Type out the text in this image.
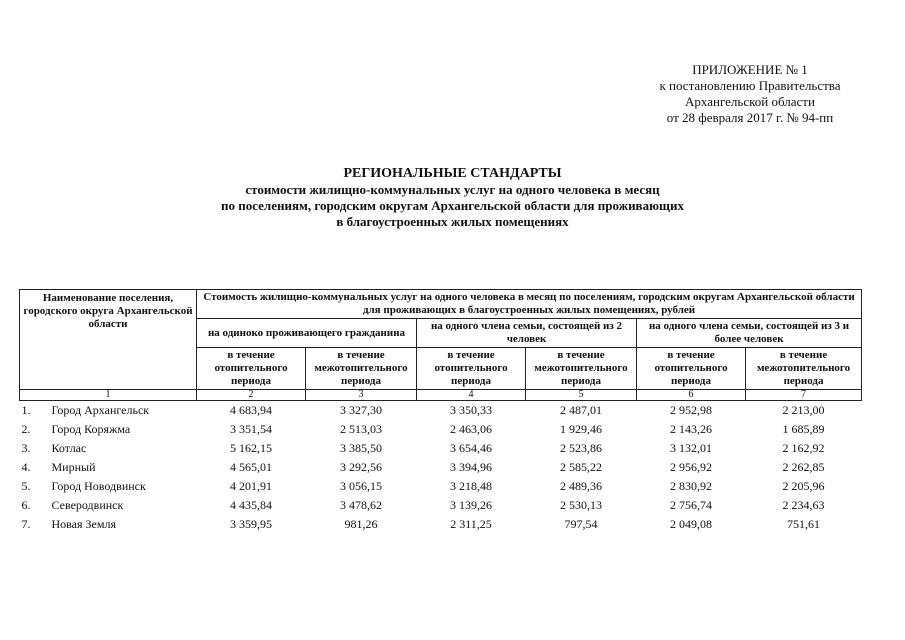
ПРИЛОЖЕНИЕ № 1
к постановлению Правительства
Архангельской области
от 28 февраля 2017 г. № 94-пп
РЕГИОНАЛЬНЫЕ СТАНДАРТЫ
стоимости жилищно-коммунальных услуг на одного человека в месяц
по поселениям, городским округам Архангельской области для проживающих
в благоустроенных жилых помещениях
Наименование поселения, городского округа Архангельской области		Стоимость жилищно-коммунальных услуг на одного человека в месяц по поселениям, городским округам Архангельской области для проживающих в благоустроенных жилых помещениях, рублей					
		на одиноко проживающего гражданина		на одного члена семьи, состоящей из 2 человек		на одного члена семьи, состоящей из 3 и более человек	
		в течение отопительного периода	в течение межотопительного периода	в течение отопительного периода	в течение межотопительного периода	в течение отопительного периода	в течение межотопительного периода
1		2	3	4	5	6	7
1.	Город Архангельск	4 683,94	3 327,30	3 350,33	2 487,01	2 952,98	2 213,00
2.	Город Коряжма	3 351,54	2 513,03	2 463,06	1 929,46	2 143,26	1 685,89
3.	Котлас	5 162,15	3 385,50	3 654,46	2 523,86	3 132,01	2 162,92
4.	Мирный	4 565,01	3 292,56	3 394,96	2 585,22	2 956,92	2 262,85
5.	Город Новодвинск	4 201,91	3 056,15	3 218,48	2 489,36	2 830,92	2 205,96
6.	Северодвинск	4 435,84	3 478,62	3 139,26	2 530,13	2 756,74	2 234,63
7.	Новая Земля	3 359,95	981,26	2 311,25	797,54	2 049,08	751,61
